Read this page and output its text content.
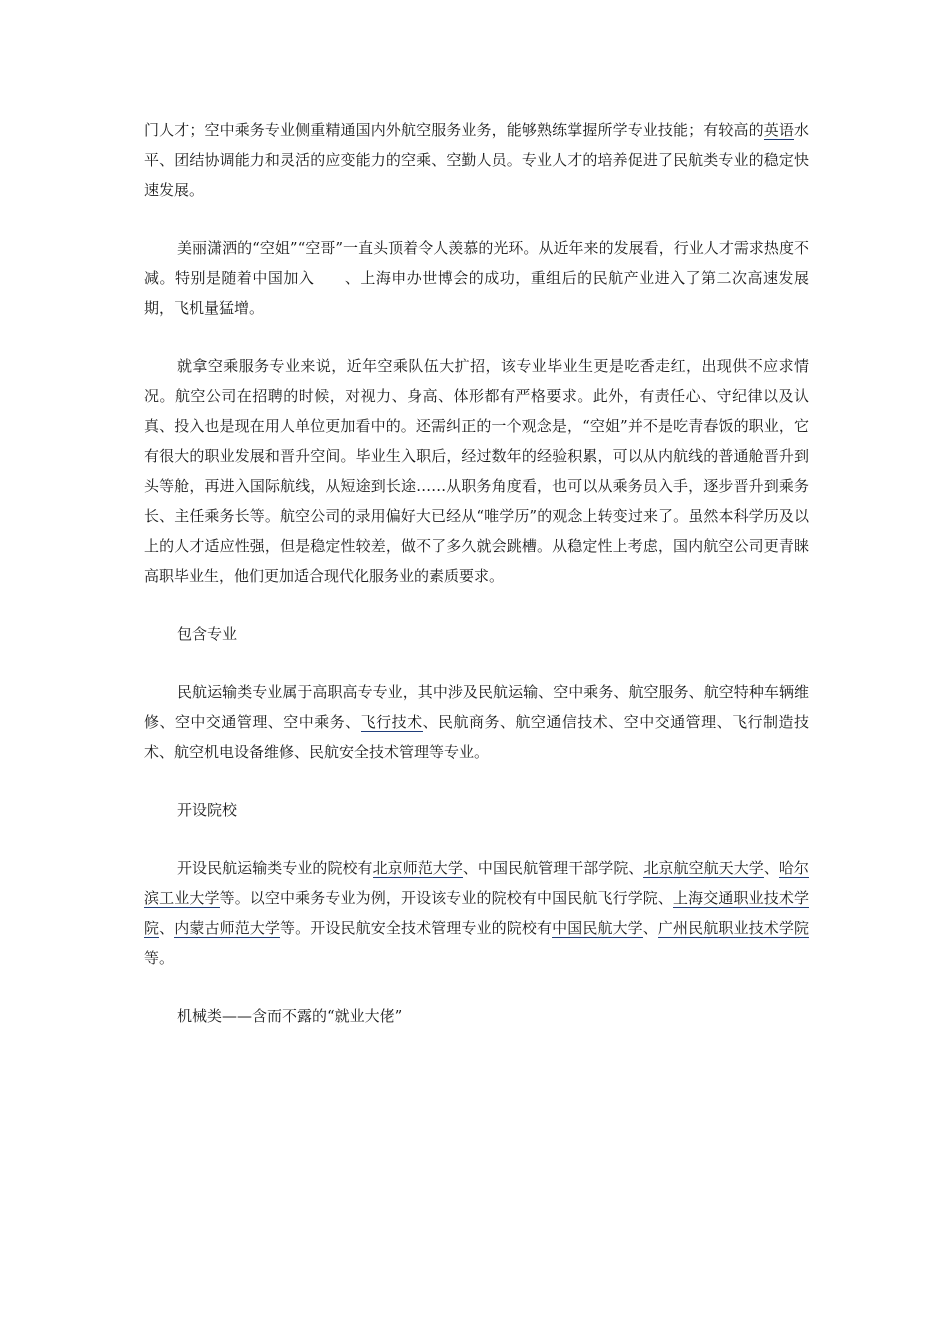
门人才；空中乘务专业侧重精通国内外航空服务业务，能够熟练掌握所学专业技能；有较高的英语水平、团结协调能力和灵活的应变能力的空乘、空勤人员。专业人才的培养促进了民航类专业的稳定快速发展。

美丽潇洒的“空姐”“空哥”一直头顶着令人羡慕的光环。从近年来的发展看，行业人才需求热度不减。特别是随着中国加入 、上海申办世博会的成功，重组后的民航产业进入了第二次高速发展期，飞机量猛增。

就拿空乘服务专业来说，近年空乘队伍大扩招，该专业毕业生更是吃香走红，出现供不应求情况。航空公司在招聘的时候，对视力、身高、体形都有严格要求。此外，有责任心、守纪律以及认真、投入也是现在用人单位更加看中的。还需纠正的一个观念是，“空姐”并不是吃青春饭的职业，它有很大的职业发展和晋升空间。毕业生入职后，经过数年的经验积累，可以从内航线的普通舱晋升到头等舱，再进入国际航线，从短途到长途……从职务角度看，也可以从乘务员入手，逐步晋升到乘务长、主任乘务长等。航空公司的录用偏好大已经从“唯学历”的观念上转变过来了。虽然本科学历及以上的人才适应性强，但是稳定性较差，做不了多久就会跳槽。从稳定性上考虑，国内航空公司更青睐高职毕业生，他们更加适合现代化服务业的素质要求。

包含专业

民航运输类专业属于高职高专专业，其中涉及民航运输、空中乘务、航空服务、航空特种车辆维修、空中交通管理、空中乘务、飞行技术、民航商务、航空通信技术、空中交通管理、飞行制造技术、航空机电设备维修、民航安全技术管理等专业。

开设院校

开设民航运输类专业的院校有北京师范大学、中国民航管理干部学院、北京航空航天大学、哈尔滨工业大学等。以空中乘务专业为例，开设该专业的院校有中国民航飞行学院、上海交通职业技术学院、内蒙古师范大学等。开设民航安全技术管理专业的院校有中国民航大学、广州民航职业技术学院等。

机械类——含而不露的“就业大佬”
